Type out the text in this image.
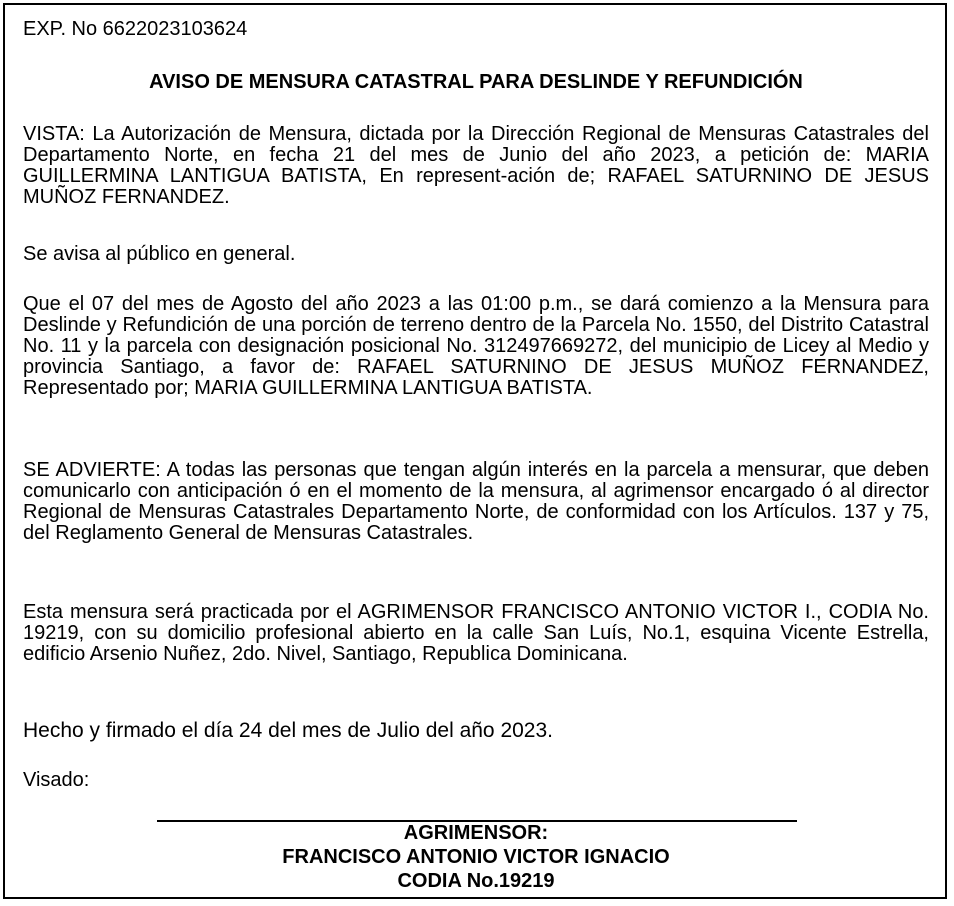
EXP. No 6622023103624
AVISO DE MENSURA CATASTRAL PARA DESLINDE Y REFUNDICIÓN
VISTA: La Autorización de Mensura, dictada por la Dirección Regional de Mensuras Catastrales del Departamento Norte, en fecha 21 del mes de Junio del año 2023, a petición de: MARIA GUILLERMINA LANTIGUA BATISTA, En represent-ación de; RAFAEL SATURNINO DE JESUS MUÑOZ FERNANDEZ.
Se avisa al público en general.
Que el 07 del mes de Agosto del año 2023 a las 01:00 p.m., se dará comienzo a la Mensura para Deslinde y Refundición de una porción de terreno dentro de la Parcela No. 1550, del Distrito Catastral No. 11 y la parcela con designación posicional No. 312497669272, del municipio de Licey al Medio y provincia Santiago, a favor de: RAFAEL SATURNINO DE JESUS MUÑOZ FERNANDEZ, Representado por; MARIA GUILLERMINA LANTIGUA BATISTA.
SE ADVIERTE: A todas las personas que tengan algún interés en la parcela a mensurar, que deben comunicarlo con anticipación ó en el momento de la mensura, al agrimensor encargado ó al director Regional de Mensuras Catastrales Departamento Norte, de conformidad con los Artículos. 137 y 75, del Reglamento General de Mensuras Catastrales.
Esta mensura será practicada por el AGRIMENSOR FRANCISCO ANTONIO VICTOR I., CODIA No. 19219, con su domicilio profesional abierto en la calle San Luís, No.1, esquina Vicente Estrella, edificio Arsenio Nuñez, 2do. Nivel, Santiago, Republica Dominicana.
Hecho y firmado el día 24 del mes de Julio del año 2023.
Visado:
AGRIMENSOR:
FRANCISCO ANTONIO VICTOR IGNACIO
CODIA No.19219
